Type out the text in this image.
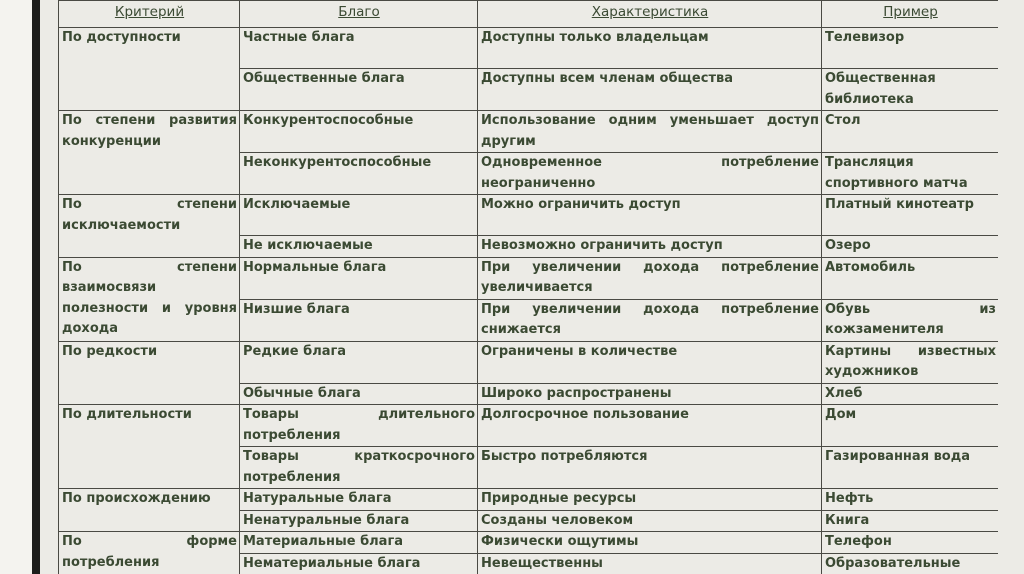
Критерий	Благо	Характеристика	Пример
По доступности	Частные блага	Доступны только владельцам	Телевизор
	Общественные блага	Доступны всем членам общества	Общественная библиотека
По степени развития конкуренции	Конкурентоспособные	Использование одним уменьшает доступ другим	Стол
	Неконкурентоспособные	Одновременное потребление неограниченно	Трансляция спортивного матча
По степени исключаемости	Исключаемые	Можно ограничить доступ	Платный кинотеатр
	Не исключаемые	Невозможно ограничить доступ	Озеро
По степени взаимосвязи полезности и уровня дохода	Нормальные блага	При увеличении дохода потребление увеличивается	Автомобиль
	Низшие блага	При увеличении дохода потребление снижается	Обувь из кожзаменителя
По редкости	Редкие блага	Ограничены в количестве	Картины известных художников
	Обычные блага	Широко распространены	Хлеб
По длительности	Товары длительного потребления	Долгосрочное пользование	Дом
	Товары краткосрочного потребления	Быстро потребляются	Газированная вода
По происхождению	Натуральные блага	Природные ресурсы	Нефть
	Ненатуральные блага	Созданы человеком	Книга
По форме потребления	Материальные блага	Физически ощутимы	Телефон
	Нематериальные блага	Невещественны	Образовательные
